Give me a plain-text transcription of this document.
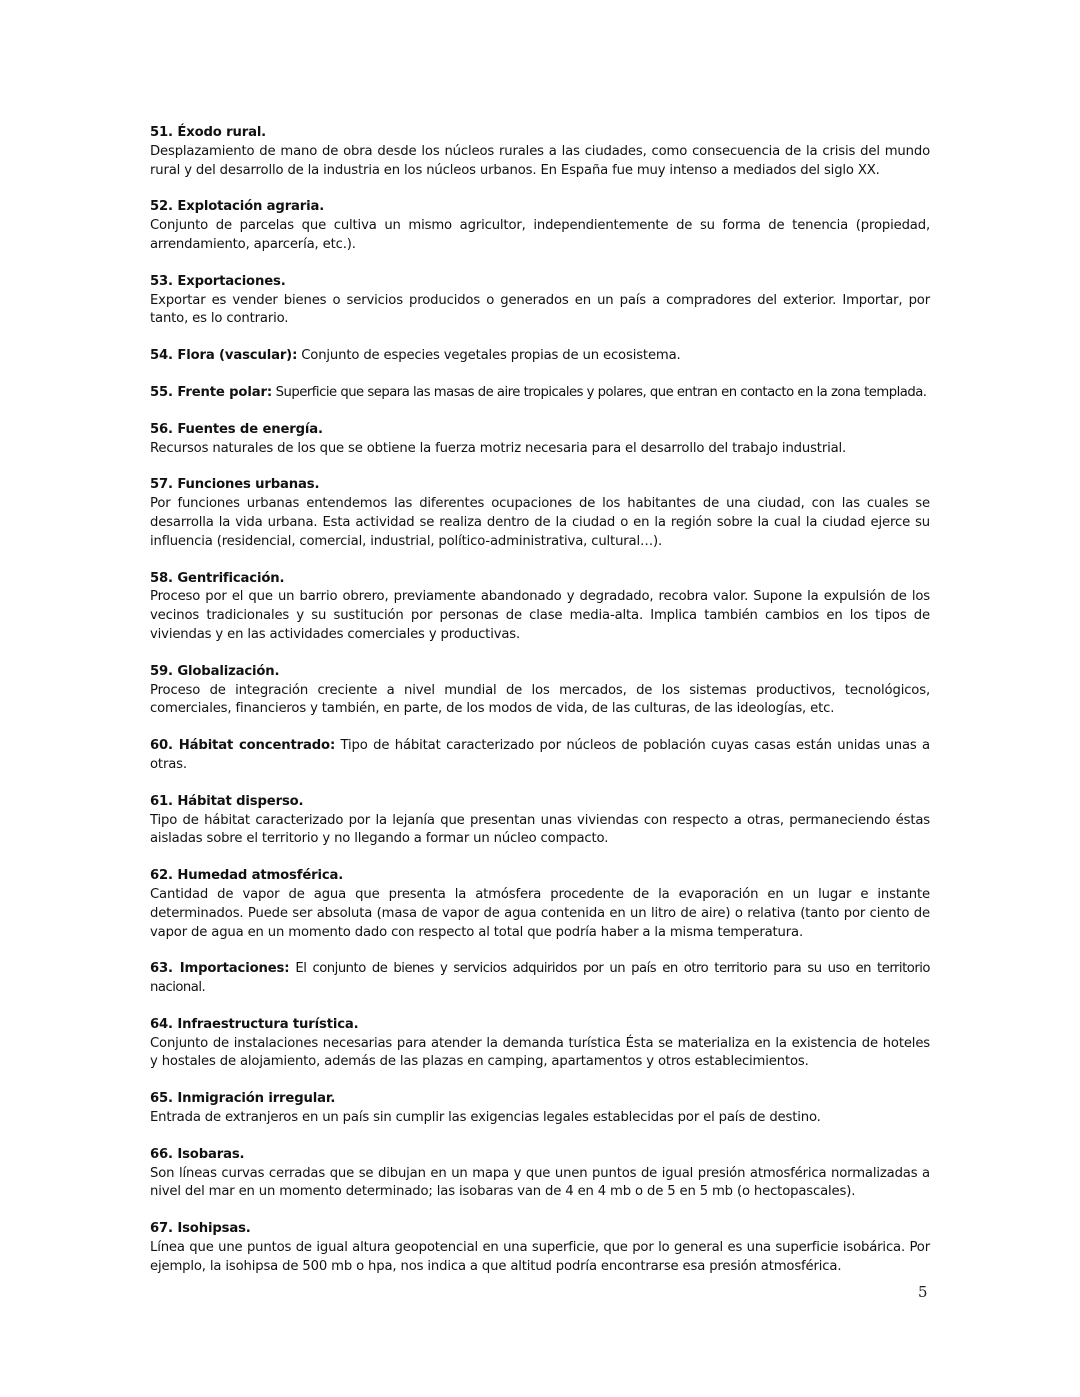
51. Éxodo rural.

Desplazamiento de mano de obra desde los núcleos rurales a las ciudades, como consecuencia de la crisis del mundo rural y del desarrollo de la industria en los núcleos urbanos. En España fue muy intenso a mediados del siglo XX.

52. Explotación agraria.

Conjunto de parcelas que cultiva un mismo agricultor, independientemente de su forma de tenencia (propiedad, arrendamiento, aparcería, etc.).

53. Exportaciones.

Exportar es vender bienes o servicios producidos o generados en un país a compradores del exterior. Importar, por tanto, es lo contrario.

54. Flora (vascular): Conjunto de especies vegetales propias de un ecosistema.

55. Frente polar: Superficie que separa las masas de aire tropicales y polares, que entran en contacto en la zona templada.

56. Fuentes de energía.

Recursos naturales de los que se obtiene la fuerza motriz necesaria para el desarrollo del trabajo industrial.

57. Funciones urbanas.

Por funciones urbanas entendemos las diferentes ocupaciones de los habitantes de una ciudad, con las cuales se desarrolla la vida urbana. Esta actividad se realiza dentro de la ciudad o en la región sobre la cual la ciudad ejerce su influencia (residencial, comercial, industrial, político-administrativa, cultural…).

58. Gentrificación.

Proceso por el que un barrio obrero, previamente abandonado y degradado, recobra valor. Supone la expulsión de los vecinos tradicionales y su sustitución por personas de clase media-alta. Implica también cambios en los tipos de viviendas y en las actividades comerciales y productivas.

59. Globalización.

Proceso de integración creciente a nivel mundial de los mercados, de los sistemas productivos, tecnológicos, comerciales, financieros y también, en parte, de los modos de vida, de las culturas, de las ideologías, etc.

60. Hábitat concentrado: Tipo de hábitat caracterizado por núcleos de población cuyas casas están unidas unas a otras.

61. Hábitat disperso.

Tipo de hábitat caracterizado por la lejanía que presentan unas viviendas con respecto a otras, permaneciendo éstas aisladas sobre el territorio y no llegando a formar un núcleo compacto.

62. Humedad atmosférica.

Cantidad de vapor de agua que presenta la atmósfera procedente de la evaporación en un lugar e instante determinados. Puede ser absoluta (masa de vapor de agua contenida en un litro de aire) o relativa (tanto por ciento de vapor de agua en un momento dado con respecto al total que podría haber a la misma temperatura.

63. Importaciones: El conjunto de bienes y servicios adquiridos por un país en otro territorio para su uso en territorio nacional.

64. Infraestructura turística.

Conjunto de instalaciones necesarias para atender la demanda turística Ésta se materializa en la existencia de hoteles y hostales de alojamiento, además de las plazas en camping, apartamentos y otros establecimientos.

65. Inmigración irregular.

Entrada de extranjeros en un país sin cumplir las exigencias legales establecidas por el país de destino.

66. Isobaras.

Son líneas curvas cerradas que se dibujan en un mapa y que unen puntos de igual presión atmosférica normalizadas a nivel del mar en un momento determinado; las isobaras van de 4 en 4 mb o de 5 en 5 mb (o hectopascales).

67. Isohipsas.

Línea que une puntos de igual altura geopotencial en una superficie, que por lo general es una superficie isobárica. Por ejemplo, la isohipsa de 500 mb o hpa, nos indica a que altitud podría encontrarse esa presión atmosférica.

5
